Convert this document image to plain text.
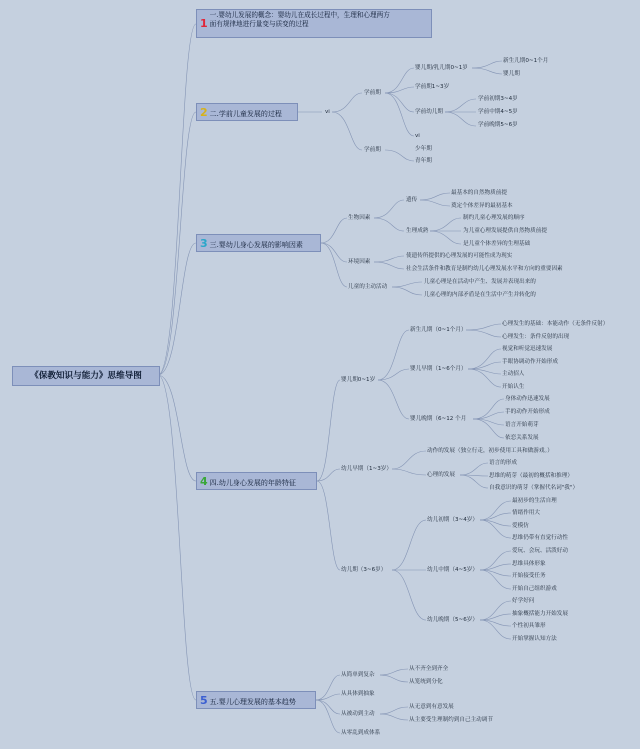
《保教知识与能力》思维导图
1
一.婴幼儿发展的概念：婴幼儿在成长过程中，生理和心理两方
面有规律地进行量变与质变的过程
2 二.学前儿童发展的过程	vi
学前期
婴儿期/乳儿期0~1岁
新生儿期0~1个月
婴儿期
学前期1~3岁
学前幼儿期
学前初期3~4岁
学前中期4~5岁
学前晚期5~6岁
vi
学前期	少年期
青年期
3 三.婴幼儿身心发展的影响因素
生物因素
遗传
最基本的自然物质前提
奠定个体差异的最初基本
生理成熟
制约儿童心理发展的顺序
为儿童心理发展提供自然物质前提
是儿童个体差异的生理基础
环境因素
使遗传所提供的心理发展的可能性成为现实
社会生活条件和教育是制约幼儿心理发展水平和方向的重要因素
儿童的主动活动
儿童心理是在活动中产生、发展并表现出来的
儿童心理的内部矛盾是在生活中产生并转化的
4 四.幼儿身心发展的年龄特征
婴儿期0~1岁
新生儿期（0~1个月）
心理发生的基础：本能动作（无条件反射）
心理发生：条件反射的出现
婴儿早期（1~6个月）
视觉和听觉迅速发展
手眼协调动作开始形成
主动招人
开始认生
婴儿晚期（6~12 个月
身体动作迅速发展
手的动作开始形成
语言开始萌芽
依恋关系发展
幼儿早期（1~3岁）
动作的发展（独立行走，初步使用工具和做游戏。）
心理的发展
语言的形成
思维的萌芽（最初的概括和推理）
自我意识的萌芽（掌握代名词"我"）
幼儿期（3~6岁）
幼儿初期（3~4岁）
最初步的生活自理
情绪作用大
爱模仿
思维仍带有直觉行动性
幼儿中期（4~5岁）
爱玩、会玩、活泼好动
思维具体形象
开始接受任务
开始自己组织游戏
幼儿晚期（5~6岁）
好学好问
抽象概括能力开始发展
个性初具雏形
开始掌握认知方法
5 五.婴儿心理发展的基本趋势
从简单到复杂
从不齐全到齐全
从笼统到分化
从具体到抽象
从被动到主动
从无意到有意发展
从主要受生理制约到自己主动调节
从零乱到成体系
